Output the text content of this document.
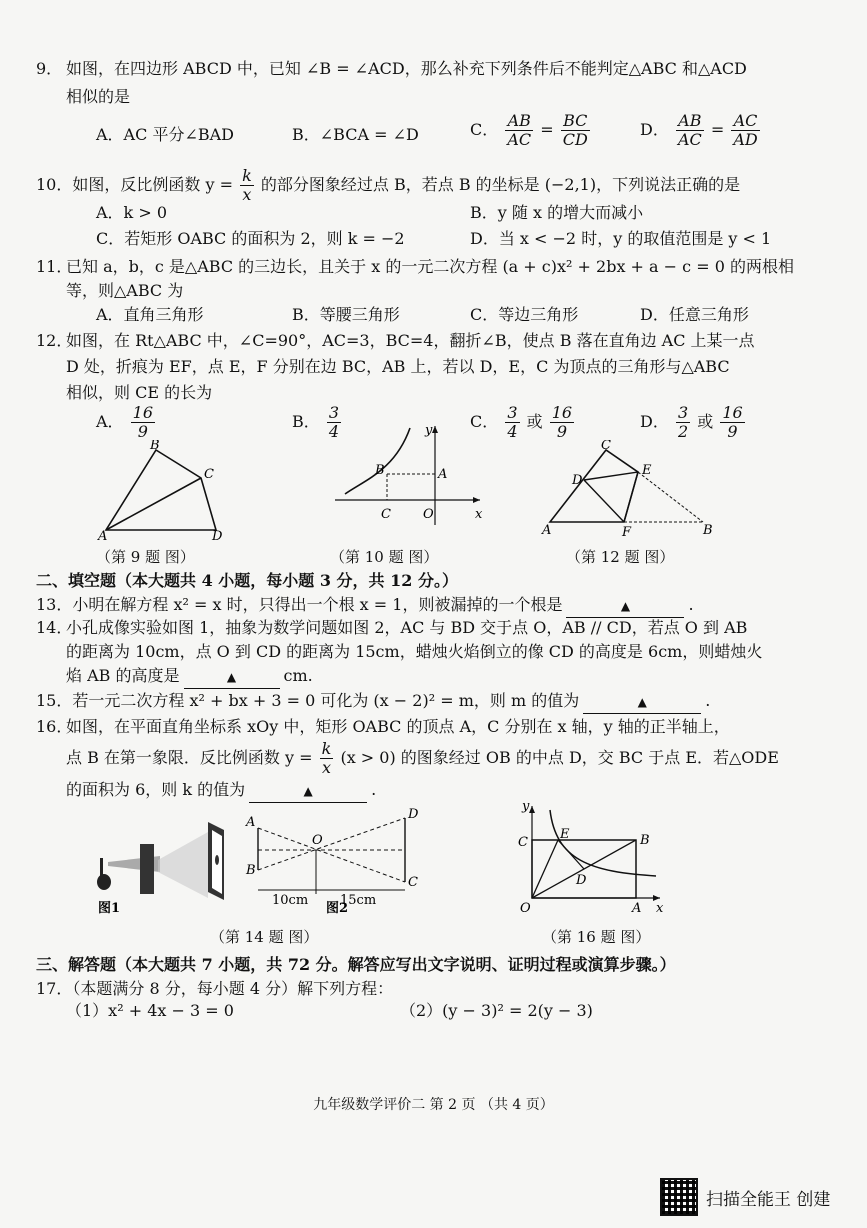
9． 如图，在四边形 ABCD 中，已知 ∠B = ∠ACD，那么补充下列条件后不能判定△ABC 和△ACD
相似的是
A．AC 平分∠BAD	B．∠BCA = ∠D	C． $\frac{AB}{AC} = \frac{BC}{CD}$	D． $\frac{AB}{AC} = \frac{AC}{AD}$
10．如图，反比例函数 $y = \frac{k}{x}$ 的部分图象经过点 B，若点 B 的坐标是 (−2,1)，下列说法正确的是
A．k > 0	B．y 随 x 的增大而减小
C．若矩形 OABC 的面积为 2，则 k = −2	D．当 x < −2 时，y 的取值范围是 y < 1
11．
已知 a，b，c 是△ABC 的三边长，且关于 x 的一元二次方程 (a + c)x² + 2bx + a − c = 0 的两根相
等，则△ABC 为
A．直角三角形	B．等腰三角形	C．等边三角形	D．任意三角形
12．
如图，在 Rt△ABC 中，∠C=90°，AC=3，BC=4，翻折∠B，使点 B 落在直角边 AC 上某一点
D 处，折痕为 EF，点 E，F 分别在边 BC，AB 上，若以 D，E，C 为顶点的三角形与△ABC
相似，则 CE 的长为
A． $\frac{16}{9}$	B． $\frac{3}{4}$	C． $\frac{3}{4}$ 或 $\frac{16}{9}$	D． $\frac{3}{2}$ 或 $\frac{16}{9}$
B
C
A	D
（第 9 题 图）
y
B	A
C O	x
（第 10 题 图）
C
D
E
A	F	B
（第 12 题 图）
二、填空题（本大题共 4 小题，每小题 3 分，共 12 分。）
13．小明在解方程 x² = x 时，只得出一个根 x = 1，则被漏掉的一个根是	▲	.
14．
小孔成像实验如图 1，抽象为数学问题如图 2，AC 与 BD 交于点 O，AB // CD，若点 O 到 AB
的距离为 10cm，点 O 到 CD 的距离为 15cm，蜡烛火焰倒立的像 CD 的高度是 6cm，则蜡烛火
焰 AB 的高度是	▲	cm.
15．若一元二次方程 x² + bx + 3 = 0 可化为 (x − 2)² = m，则 m 的值为	▲	.
16．
如图，在平面直角坐标系 xOy 中，矩形 OABC 的顶点 A，C 分别在 x 轴，y 轴的正半轴上，
点 B 在第一象限．反比例函数 $y = \frac{k}{x} (x > 0)$ 的图象经过 OB 的中点 D，交 BC 于点 E．若△ODE
的面积为 6，则 k 的值为	▲	.
A
B
O
D
C
图1	图2
10cm 15cm
（第 14 题 图）
y
C
E	B
D
O	A x
（第 16 题 图）
三、解答题（本大题共 7 小题，共 72 分。解答应写出文字说明、证明过程或演算步骤。）
17．（本题满分 8 分，每小题 4 分）解下列方程：
（1）x² + 4x − 3 = 0	（2）(y − 3)² = 2(y − 3)
九年级数学评价二 第 2 页 （共 4 页）
扫描全能王 创建
